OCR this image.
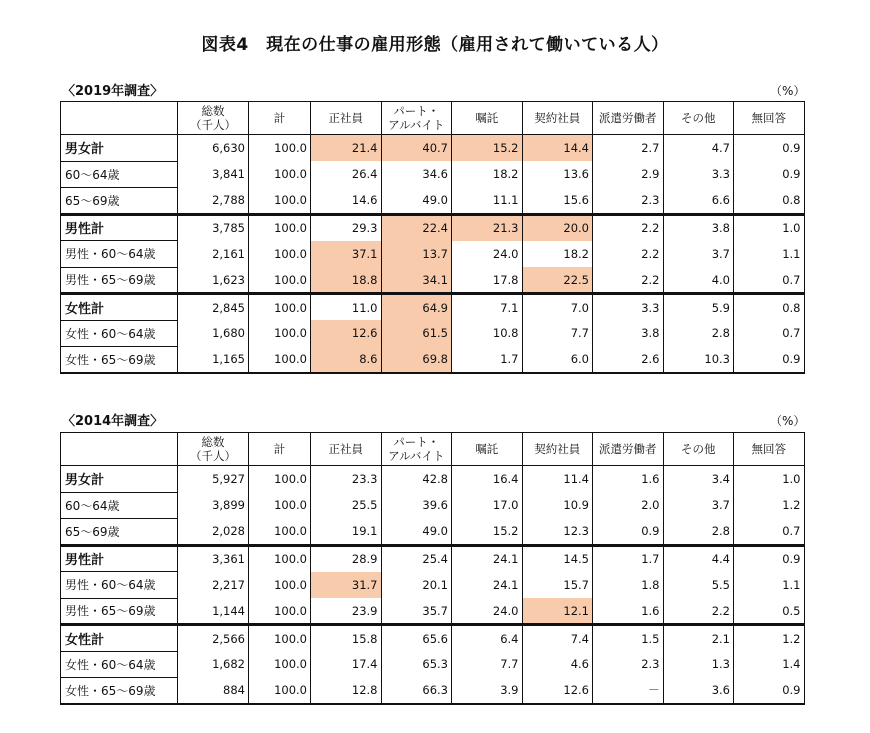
図表4　現在の仕事の雇用形態（雇用されて働いている人）
〈2019年調査〉	（%）
	総数
（千人）	計	正社員	パート・
アルバイト	嘱託	契約社員	派遣労働者	その他	無回答
男女計	6,630	100.0	21.4	40.7	15.2	14.4	2.7	4.7	0.9
60～64歳	3,841	100.0	26.4	34.6	18.2	13.6	2.9	3.3	0.9
65～69歳	2,788	100.0	14.6	49.0	11.1	15.6	2.3	6.6	0.8
男性計	3,785	100.0	29.3	22.4	21.3	20.0	2.2	3.8	1.0
男性・60～64歳	2,161	100.0	37.1	13.7	24.0	18.2	2.2	3.7	1.1
男性・65～69歳	1,623	100.0	18.8	34.1	17.8	22.5	2.2	4.0	0.7
女性計	2,845	100.0	11.0	64.9	7.1	7.0	3.3	5.9	0.8
女性・60～64歳	1,680	100.0	12.6	61.5	10.8	7.7	3.8	2.8	0.7
女性・65～69歳	1,165	100.0	8.6	69.8	1.7	6.0	2.6	10.3	0.9
〈2014年調査〉	（%）
	総数
（千人）	計	正社員	パート・
アルバイト	嘱託	契約社員	派遣労働者	その他	無回答
男女計	5,927	100.0	23.3	42.8	16.4	11.4	1.6	3.4	1.0
60～64歳	3,899	100.0	25.5	39.6	17.0	10.9	2.0	3.7	1.2
65～69歳	2,028	100.0	19.1	49.0	15.2	12.3	0.9	2.8	0.7
男性計	3,361	100.0	28.9	25.4	24.1	14.5	1.7	4.4	0.9
男性・60～64歳	2,217	100.0	31.7	20.1	24.1	15.7	1.8	5.5	1.1
男性・65～69歳	1,144	100.0	23.9	35.7	24.0	12.1	1.6	2.2	0.5
女性計	2,566	100.0	15.8	65.6	6.4	7.4	1.5	2.1	1.2
女性・60～64歳	1,682	100.0	17.4	65.3	7.7	4.6	2.3	1.3	1.4
女性・65～69歳	884	100.0	12.8	66.3	3.9	12.6	－	3.6	0.9
